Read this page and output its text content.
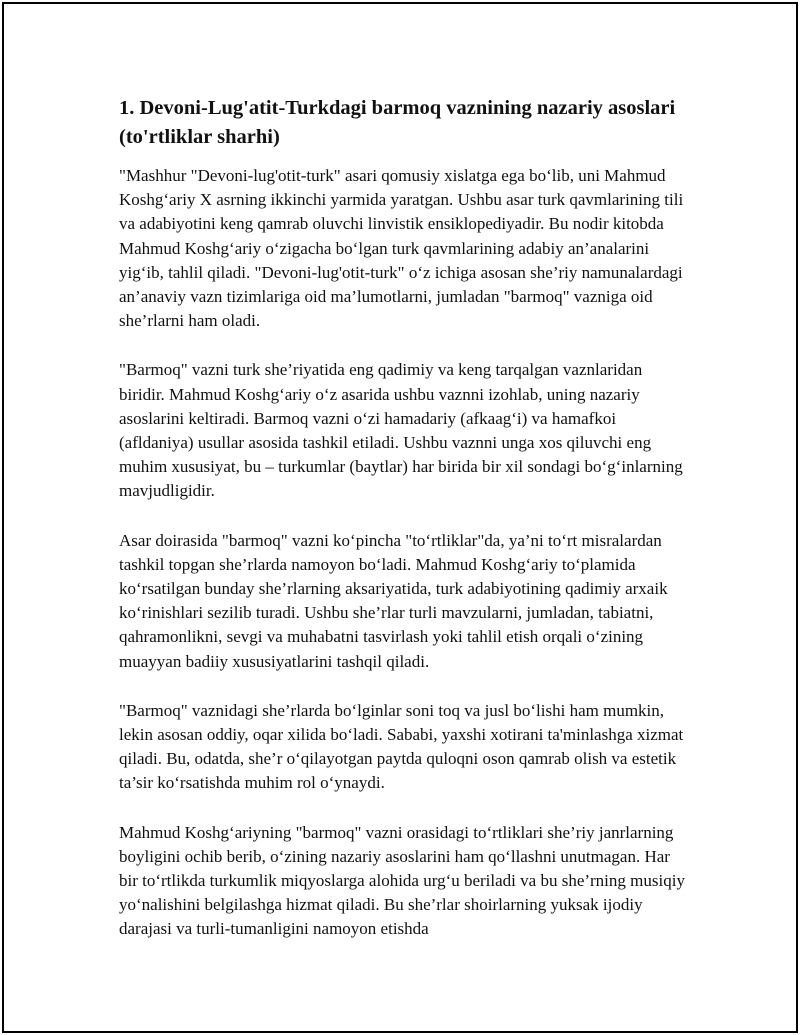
1. Devoni-Lug'atit-Turkdagi barmoq vaznining nazariy asoslari (to'rtliklar sharhi)

"Mashhur "Devoni-lug'otit-turk" asari qomusiy xislatga ega bo‘lib, uni Mahmud Koshg‘ariy X asrning ikkinchi yarmida yaratgan. Ushbu asar turk qavmlarining tili va adabiyotini keng qamrab oluvchi linvistik ensiklopediyadir. Bu nodir kitobda Mahmud Koshg‘ariy o‘zigacha bo‘lgan turk qavmlarining adabiy an’analarini yig‘ib, tahlil qiladi. "Devoni-lug'otit-turk" o‘z ichiga asosan she’riy namunalardagi an’anaviy vazn tizimlariga oid ma’lumotlarni, jumladan "barmoq" vazniga oid she’rlarni ham oladi.

"Barmoq" vazni turk she’riyatida eng qadimiy va keng tarqalgan vaznlaridan biridir. Mahmud Koshg‘ariy o‘z asarida ushbu vaznni izohlab, uning nazariy asoslarini keltiradi. Barmoq vazni o‘zi hamadariy (afkaag‘i) va hamafkoi (afldaniya) usullar asosida tashkil etiladi. Ushbu vaznni unga xos qiluvchi eng muhim xususiyat, bu – turkumlar (baytlar) har birida bir xil sondagi bo‘g‘inlarning mavjudligidir.

Asar doirasida "barmoq" vazni ko‘pincha "to‘rtliklar"da, ya’ni to‘rt misralardan tashkil topgan she’rlarda namoyon bo‘ladi. Mahmud Koshg‘ariy to‘plamida ko‘rsatilgan bunday she’rlarning aksariyatida, turk adabiyotining qadimiy arxaik ko‘rinishlari sezilib turadi. Ushbu she’rlar turli mavzularni, jumladan, tabiatni, qahramonlikni, sevgi va muhabatni tasvirlash yoki tahlil etish orqali o‘zining muayyan badiiy xususiyatlarini tashqil qiladi.

"Barmoq" vaznidagi she’rlarda bo‘lginlar soni toq va jusl bo‘lishi ham mumkin, lekin asosan oddiy, oqar xilida bo‘ladi. Sababi, yaxshi xotirani ta'minlashga xizmat qiladi. Bu, odatda, she’r o‘qilayotgan paytda quloqni oson qamrab olish va estetik ta’sir ko‘rsatishda muhim rol o‘ynaydi.

Mahmud Koshg‘ariyning "barmoq" vazni orasidagi to‘rtliklari she’riy janrlarning boyligini ochib berib, o‘zining nazariy asoslarini ham qo‘llashni unutmagan. Har bir to‘rtlikda turkumlik miqyoslarga alohida urg‘u beriladi va bu she’rning musiqiy yo‘nalishini belgilashga hizmat qiladi. Bu she’rlar shoirlarning yuksak ijodiy darajasi va turli-tumanligini namoyon etishda
